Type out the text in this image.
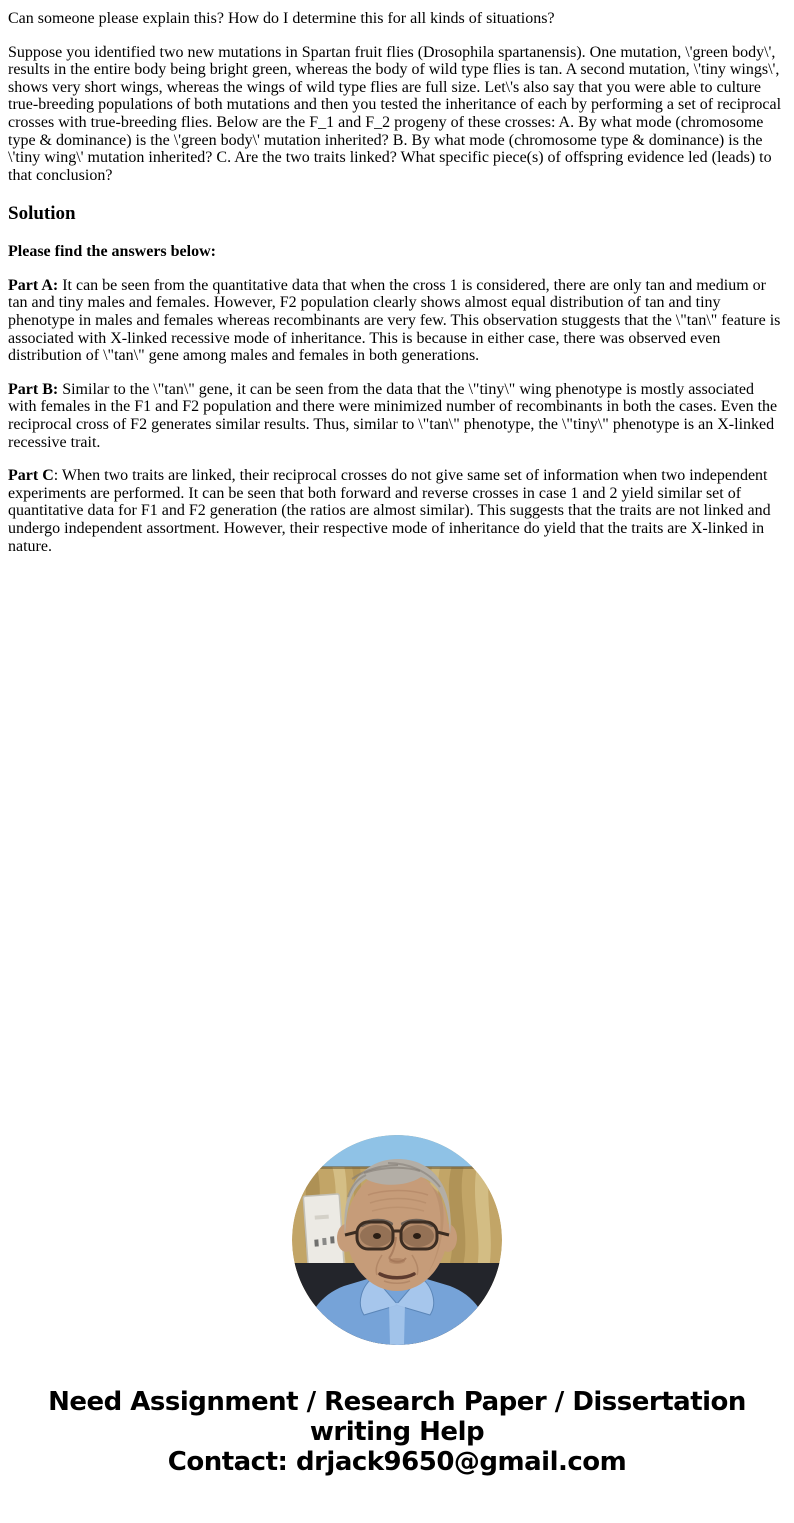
Can someone please explain this? How do I determine this for all kinds of situations?

Suppose you identified two new mutations in Spartan fruit flies (Drosophila spartanensis). One mutation, \'green body\', results in the entire body being bright green, whereas the body of wild type flies is tan. A second mutation, \'tiny wings\', shows very short wings, whereas the wings of wild type flies are full size. Let\'s also say that you were able to culture true-breeding populations of both mutations and then you tested the inheritance of each by performing a set of reciprocal crosses with true-breeding flies. Below are the F_1 and F_2 progeny of these crosses: A. By what mode (chromosome type & dominance) is the \'green body\' mutation inherited? B. By what mode (chromosome type & dominance) is the \'tiny wing\' mutation inherited? C. Are the two traits linked? What specific piece(s) of offspring evidence led (leads) to that conclusion?

Solution

Please find the answers below:

Part A: It can be seen from the quantitative data that when the cross 1 is considered, there are only tan and medium or tan and tiny males and females. However, F2 population clearly shows almost equal distribution of tan and tiny phenotype in males and females whereas recombinants are very few. This observation stuggests that the \"tan\" feature is associated with X-linked recessive mode of inheritance. This is because in either case, there was observed even distribution of \"tan\" gene among males and females in both generations.

Part B: Similar to the \"tan\" gene, it can be seen from the data that the \"tiny\" wing phenotype is mostly associated with females in the F1 and F2 population and there were minimized number of recombinants in both the cases. Even the reciprocal cross of F2 generates similar results. Thus, similar to \"tan\" phenotype, the \"tiny\" phenotype is an X-linked recessive trait.

Part C: When two traits are linked, their reciprocal crosses do not give same set of information when two independent experiments are performed. It can be seen that both forward and reverse crosses in case 1 and 2 yield similar set of quantitative data for F1 and F2 generation (the ratios are almost similar). This suggests that the traits are not linked and undergo independent assortment. However, their respective mode of inheritance do yield that the traits are X-linked in nature.

Need Assignment / Research Paper / Dissertation
writing Help
Contact: drjack9650@gmail.com
